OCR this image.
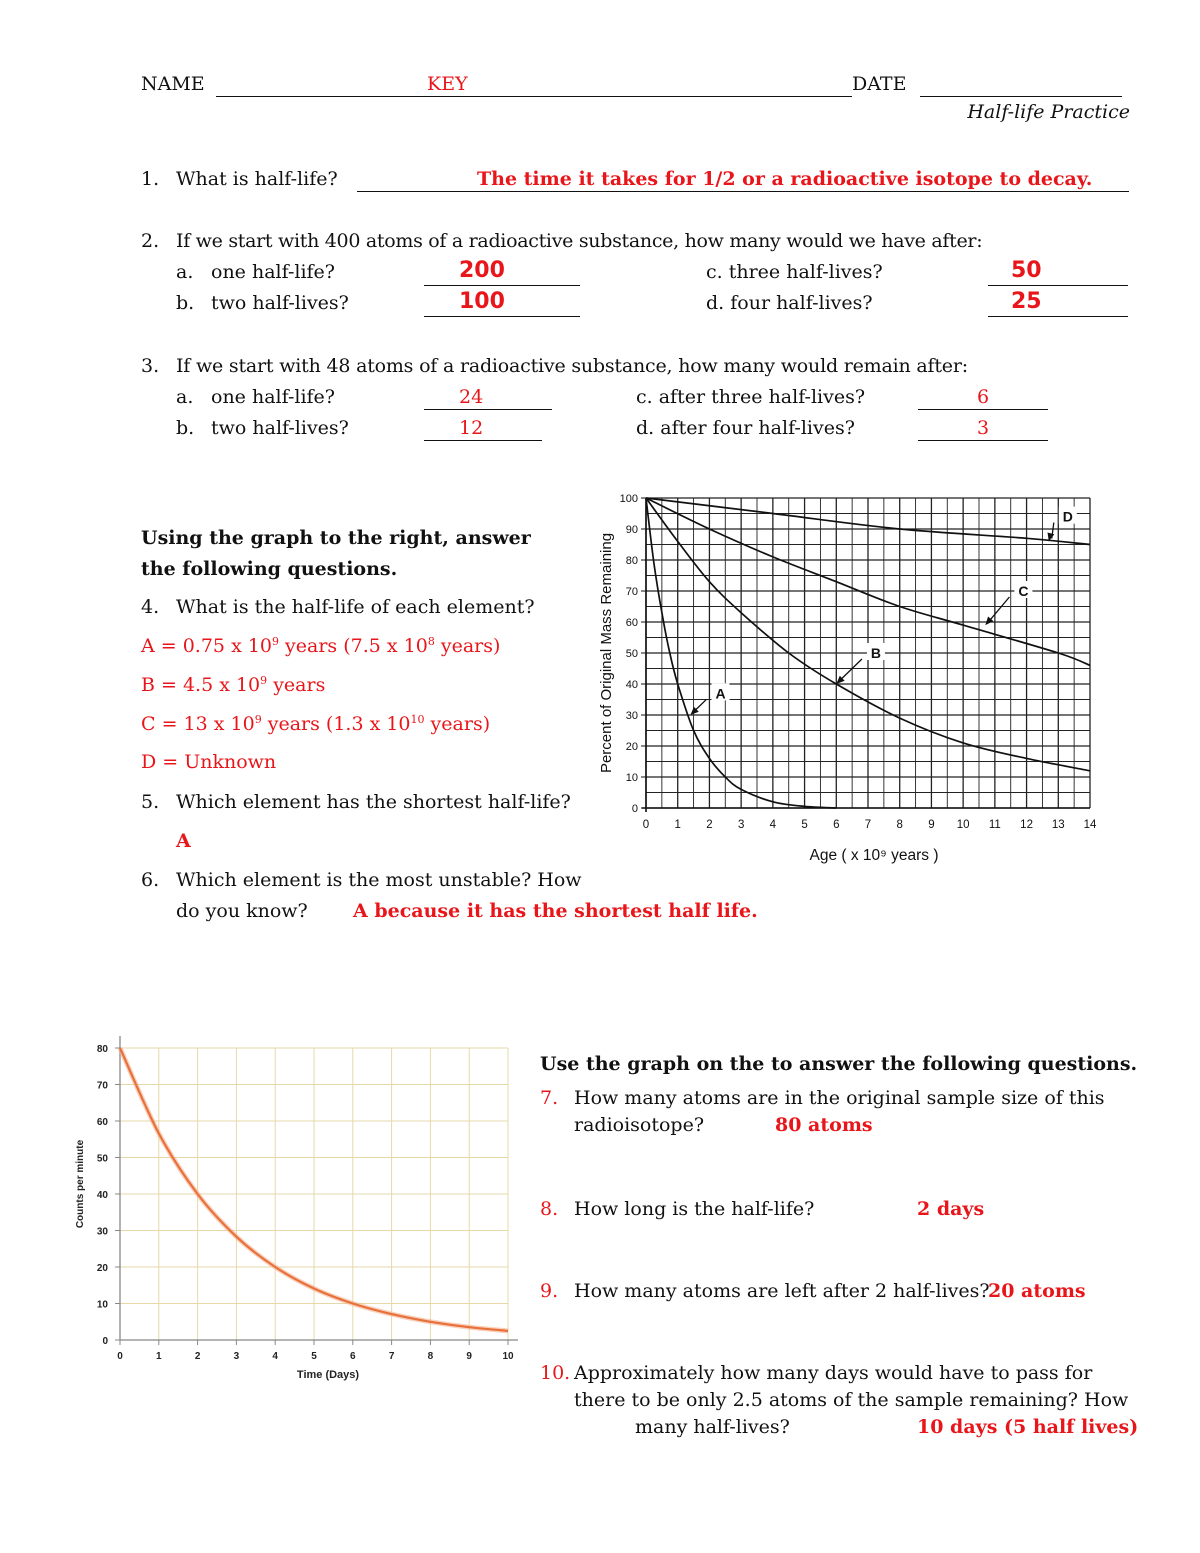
NAME	KEY	DATE
Half-life Practice
1. What is half-life?	The time it takes for 1/2 or a radioactive isotope to decay.
2. If we start with 400 atoms of a radioactive substance, how many would we have after:
a. one half-life?	200
b. two half-lives?	100
c. three half-lives?	50
d. four half-lives?	25
3. If we start with 48 atoms of a radioactive substance, how many would remain after:
a. one half-life?	24
b. two half-lives?	12
c. after three half-lives?	6
d. after four half-lives?	3
Using the graph to the right, answer
the following questions.
4. What is the half-life of each element?
A = 0.75 x $10^9$ years (7.5 x $10^8$ years)
B = 4.5 x $10^9$ years
C = 13 x $10^9$ years (1.3 x $10^{10}$ years)
D = Unknown
5. Which element has the shortest half-life?
A
6. Which element is the most unstable? How
do you know? A because it has the shortest half life.
0 1 2 3 4 5 6 7 8 9 10 11 12 13 14
0
10
20
30
40
50
60
70
80
90
100
Age ( x 10⁹ years )
Percent of Original Mass Remaining	A
B
C
D
0	1	2	3	4	5	6	7	8	9	10
0
10
20
30
40
50
60
70
80
Time (Days)
Counts per minute
Use the graph on the to answer the following questions.
7. How many atoms are in the original sample size of this
radioisotope?	80 atoms
8. How long is the half-life?	2 days
9. How many atoms are left after 2 half-lives?
20 atoms
10. Approximately how many days would have to pass for
there to be only 2.5 atoms of the sample remaining? How
many half-lives?	10 days (5 half lives)
